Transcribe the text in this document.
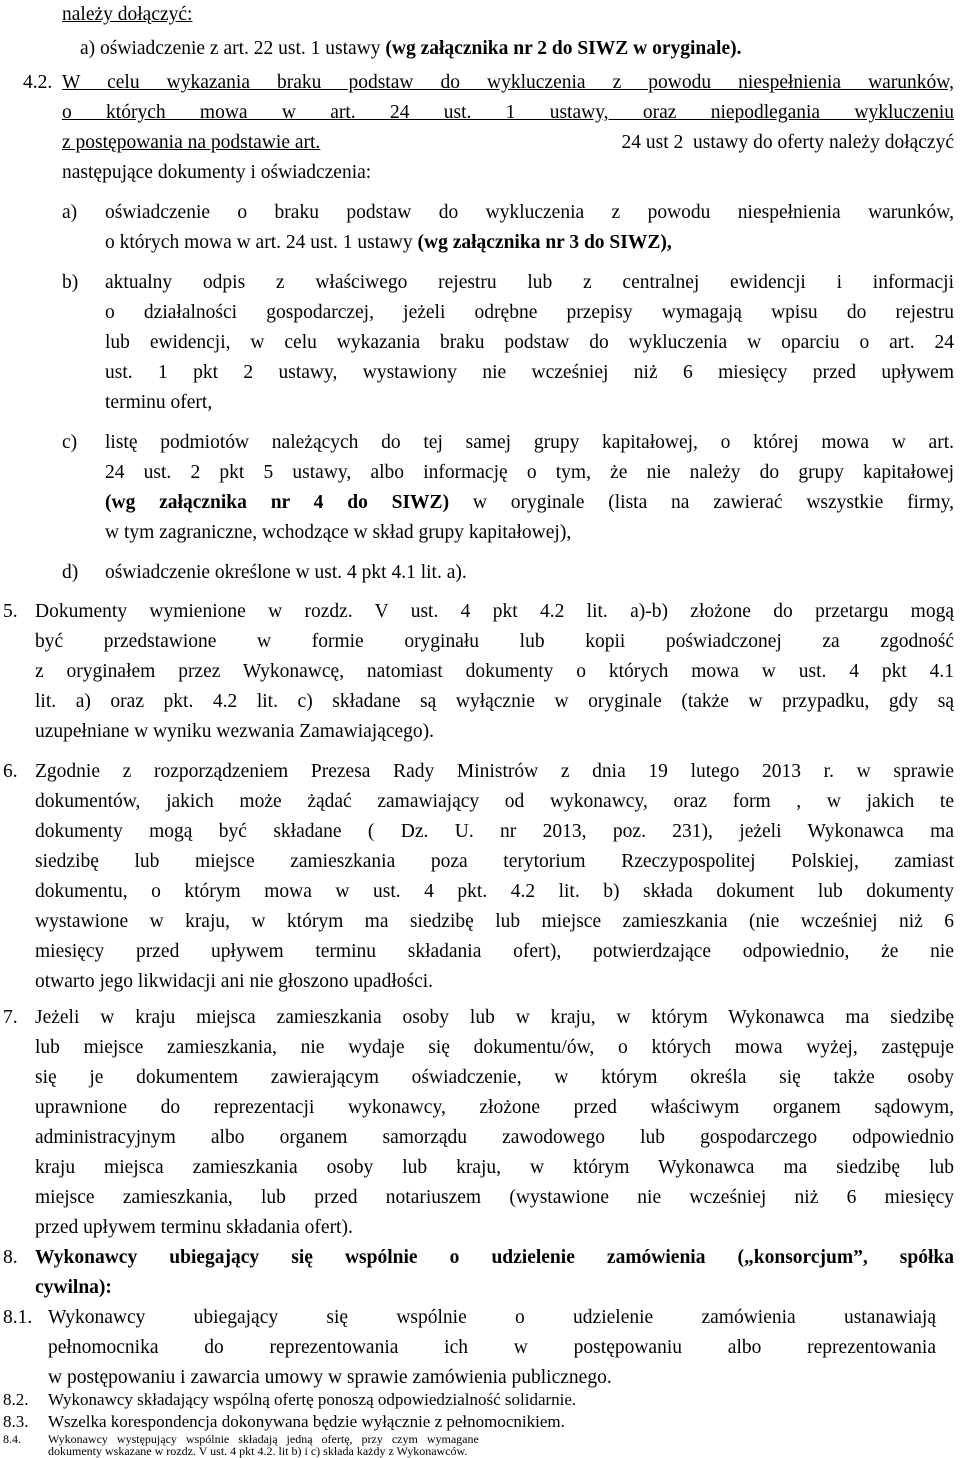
należy dołączyć:
a) oświadczenie z art. 22 ust. 1 ustawy (wg załącznika nr 2 do SIWZ w oryginale).
4.2. W celu wykazania braku podstaw do wykluczenia z powodu niespełnienia warunków,
o których mowa w art. 24 ust. 1 ustawy, oraz niepodlegania wykluczeniu
z postępowania na podstawie art.	24 ust 2  ustawy do oferty należy dołączyć
następujące dokumenty i oświadczenia:
a) oświadczenie o braku podstaw do wykluczenia z powodu niespełnienia warunków,
o których mowa w art. 24 ust. 1 ustawy (wg załącznika nr 3 do SIWZ),
b) aktualny odpis z właściwego rejestru lub z centralnej ewidencji i informacji
o działalności gospodarczej, jeżeli odrębne przepisy wymagają wpisu do rejestru
lub ewidencji, w celu wykazania braku podstaw do wykluczenia w oparciu o art. 24
ust. 1 pkt 2 ustawy, wystawiony nie wcześniej niż 6 miesięcy przed upływem
terminu ofert,
c) listę podmiotów należących do tej samej grupy kapitałowej, o której mowa w art.
24 ust. 2 pkt 5 ustawy, albo informację o tym, że nie należy do grupy kapitałowej
(wg załącznika nr 4 do SIWZ) w oryginale (lista na zawierać wszystkie firmy,
w tym zagraniczne, wchodzące w skład grupy kapitałowej),
d) oświadczenie określone w ust. 4 pkt 4.1 lit. a).
5. Dokumenty wymienione w rozdz. V ust. 4 pkt 4.2 lit. a)-b) złożone do przetargu mogą
być przedstawione w formie oryginału lub kopii poświadczonej za zgodność
z oryginałem przez Wykonawcę, natomiast dokumenty o których mowa w ust. 4 pkt 4.1
lit. a) oraz pkt. 4.2 lit. c) składane są wyłącznie w oryginale (także w przypadku, gdy są
uzupełniane w wyniku wezwania Zamawiającego).
6. Zgodnie z rozporządzeniem Prezesa Rady Ministrów z dnia 19 lutego 2013 r. w sprawie
dokumentów, jakich może żądać zamawiający od wykonawcy, oraz form , w jakich te
dokumenty mogą być składane ( Dz. U. nr 2013, poz. 231), jeżeli Wykonawca ma
siedzibę lub miejsce zamieszkania poza terytorium Rzeczypospolitej Polskiej, zamiast
dokumentu, o którym mowa w ust. 4 pkt. 4.2 lit. b) składa dokument lub dokumenty
wystawione w kraju, w którym ma siedzibę lub miejsce zamieszkania (nie wcześniej niż 6
miesięcy przed upływem terminu składania ofert), potwierdzające odpowiednio, że nie
otwarto jego likwidacji ani nie głoszono upadłości.
7. Jeżeli w kraju miejsca zamieszkania osoby lub w kraju, w którym Wykonawca ma siedzibę
lub miejsce zamieszkania, nie wydaje się dokumentu/ów, o których mowa wyżej, zastępuje
się je dokumentem zawierającym oświadczenie, w którym określa się także osoby
uprawnione do reprezentacji wykonawcy, złożone przed właściwym organem sądowym,
administracyjnym albo organem samorządu zawodowego lub gospodarczego odpowiednio
kraju miejsca zamieszkania osoby lub kraju, w którym Wykonawca ma siedzibę lub
miejsce zamieszkania, lub przed notariuszem (wystawione nie wcześniej niż 6 miesięcy
przed upływem terminu składania ofert).
8. Wykonawcy ubiegający się wspólnie o udzielenie zamówienia („konsorcjum”, spółka
cywilna):
8.1. Wykonawcy ubiegający się wspólnie o udzielenie zamówienia ustanawiają
pełnomocnika do reprezentowania ich w postępowaniu albo reprezentowania
w postępowaniu i zawarcia umowy w sprawie zamówienia publicznego.
8.2. Wykonawcy składający wspólną ofertę ponoszą odpowiedzialność solidarnie.
8.3. Wszelka korespondencja dokonywana będzie wyłącznie z pełnomocnikiem.
8.4. Wykonawcy   występujący   wspólnie   składają   jedną   ofertę,   przy   czym   wymagane
dokumenty wskazane w rozdz. V ust. 4 pkt 4.2. lit b) i c) składa każdy z Wykonawców.
